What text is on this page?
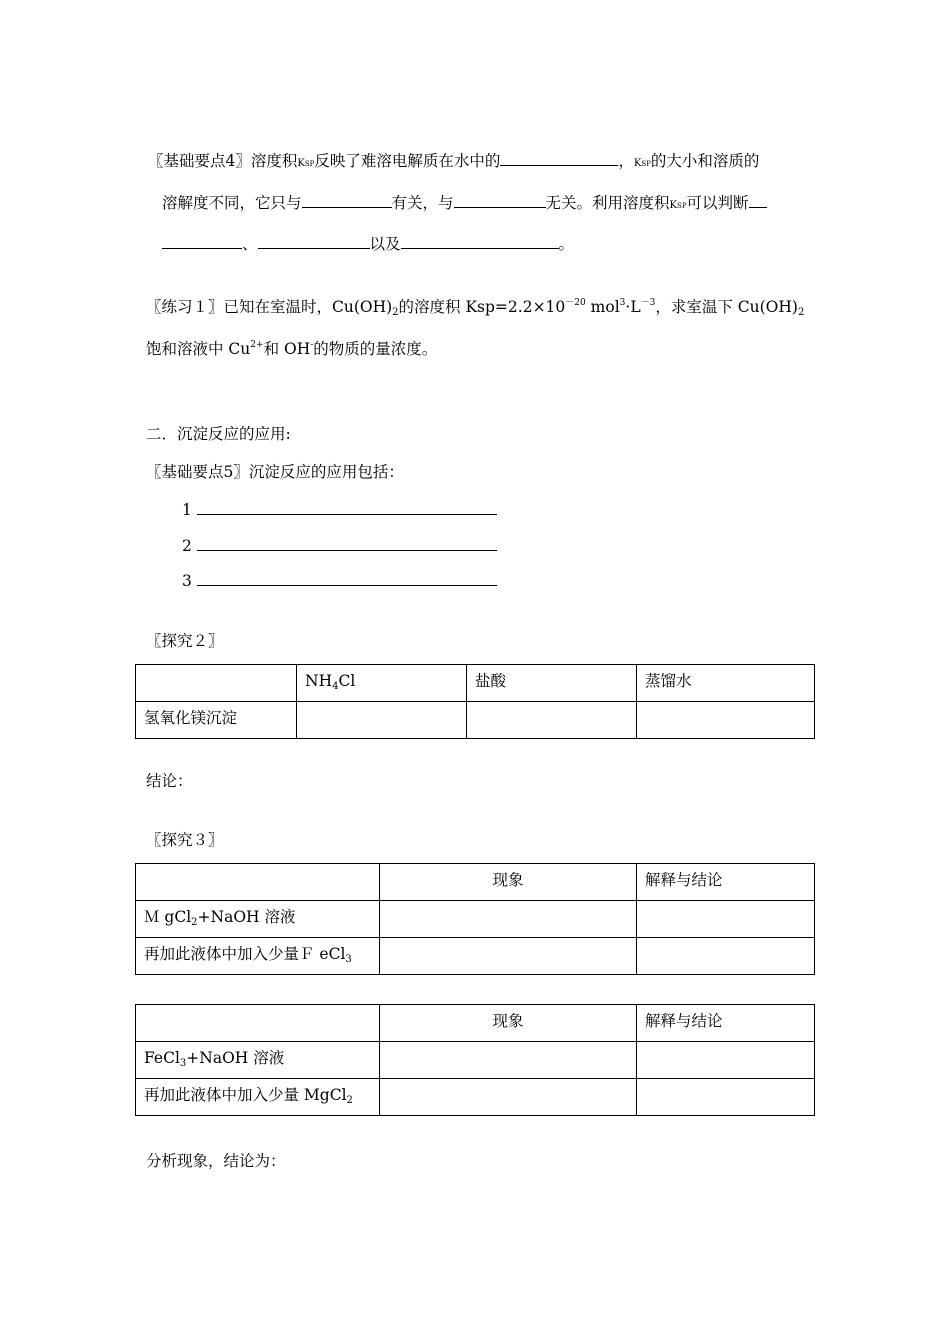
〖基础要点4〗溶度积KSP反映了难溶电解质在水中的	，KSP的大小和溶质的
溶解度不同，它只与	有关，与	无关。利用溶度积KSP可以判断
、	以及	。
〖练习１〗已知在室温时，$Cu(OH)_2$的溶度积 $Ksp=2.2\times 10^{-20}$ $mol^3\cdot L^{-3}$，求室温下 $Cu(OH)_2$
饱和溶液中 $Cu^{2+}$和 OH-的物质的量浓度。
二．沉淀反应的应用:
〖基础要点5〗沉淀反应的应用包括：
1
2
3
〖探究２〗
	$NH_4Cl$	盐酸	蒸馏水
氢氧化镁沉淀			
结论：
〖探究３〗
	现象	解释与结论
Ｍ gCl$_2$+NaOH 溶液		
再加此液体中加入少量Ｆ eCl$_3$		
	现象	解释与结论
FeCl$_3$+NaOH 溶液		
再加此液体中加入少量 MgCl$_2$		
分析现象，结论为：
